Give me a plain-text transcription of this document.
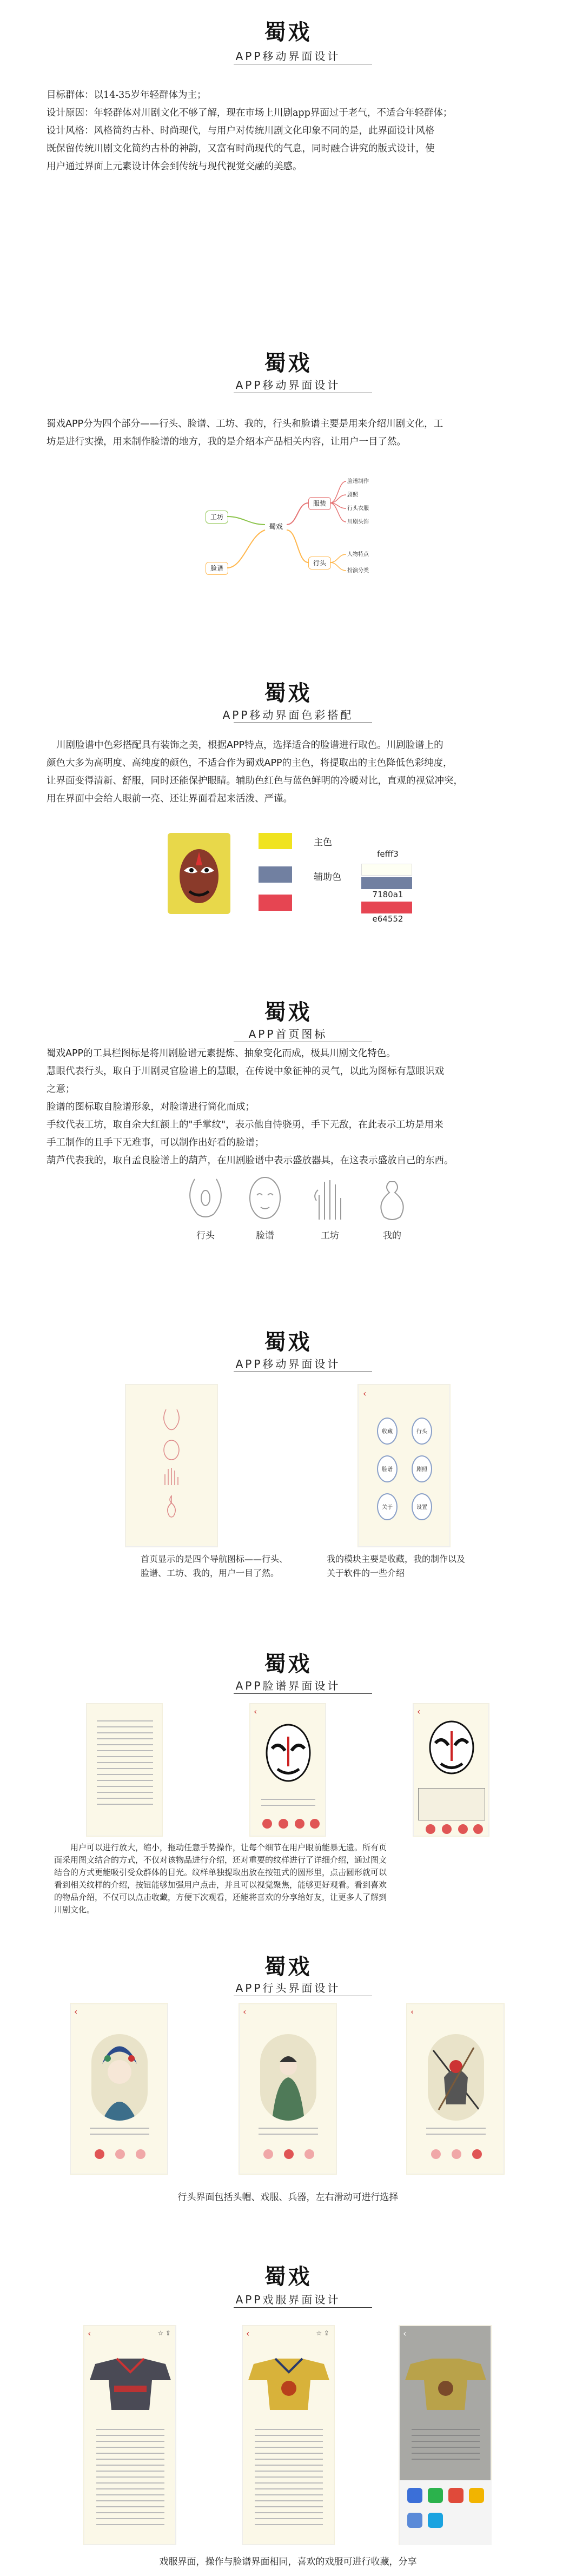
蜀戏
APP移动界面设计
目标群体：以14-35岁年轻群体为主；
设计原因：年轻群体对川剧文化不够了解，现在市场上川剧app界面过于老气，不适合年轻群体；
设计风格：风格简约古朴、时尚现代，与用户对传统川剧文化印象不同的是，此界面设计风格
既保留传统川剧文化简约古朴的神韵，又富有时尚现代的气息，同时融合讲究的版式设计，使
用户通过界面上元素设计体会到传统与现代视觉交融的美感。
蜀戏
APP移动界面设计
蜀戏APP分为四个部分——行头、脸谱、工坊、我的，行头和脸谱主要是用来介绍川剧文化，工
坊是进行实操，用来制作脸谱的地方，我的是介绍本产品相关内容，让用户一目了然。
工坊
脸谱
蜀戏
服装
行头
脸谱制作
剧照
行头衣服
川剧头饰
人物特点
扮演分类
蜀戏
APP移动界面色彩搭配
川剧脸谱中色彩搭配具有装饰之美，根据APP特点，选择适合的脸谱进行取色。川剧脸谱上的
颜色大多为高明度、高纯度的颜色，不适合作为蜀戏APP的主色，将提取出的主色降低色彩纯度，
让界面变得清新、舒服，同时还能保护眼睛。辅助色红色与蓝色鲜明的冷暖对比，直观的视觉冲突，
用在界面中会给人眼前一亮、还让界面看起来活泼、严谨。
主色
辅助色
fefff3
7180a1
e64552
蜀戏
APP首页图标
蜀戏APP的工具栏图标是将川剧脸谱元素提炼、抽象变化而成，极具川剧文化特色。
慧眼代表行头，取自于川剧灵官脸谱上的慧眼，在传说中象征神的灵气，以此为图标有慧眼识戏
之意；
脸谱的图标取自脸谱形象，对脸谱进行简化而成；
手纹代表工坊，取自余大红额上的"手掌纹"，表示他自恃骁勇，手下无敌，在此表示工坊是用来
手工制作的且手下无难事，可以制作出好看的脸谱；
葫芦代表我的，取自孟良脸谱上的葫芦，在川剧脸谱中表示盛放器具，在这表示盛放自己的东西。
行头	脸谱	工坊	我的
蜀戏
APP移动界面设计
‹
收藏	行头
脸谱	剧照
关于	设置
首页显示的是四个导航图标——行头、
脸谱、工坊、我的，用户一目了然。
我的模块主要是收藏，我的制作以及
关于软件的一些介绍
蜀戏
APP脸谱界面设计
‹	‹
用户可以进行放大，缩小，拖动任意手势操作，让每个细节在用户眼前能暴无遗。所有页
面采用图文结合的方式，不仅对该物品进行介绍，还对重要的纹样进行了详细介绍，通过图文
结合的方式更能吸引受众群体的目光。纹样单独提取出放在按钮式的圆形里，点击圆形就可以
看到相关纹样的介绍，按钮能够加强用户点击，并且可以视觉聚焦，能够更好观看。看到喜欢
的物品介绍，不仅可以点击收藏，方便下次观看，还能将喜欢的分享给好友，让更多人了解到
川剧文化。
蜀戏
APP行头界面设计
‹	‹	‹
行头界面包括头帽、戏服、兵器，左右滑动可进行选择
蜀戏
APP戏服界面设计
‹	☆ ⇪	‹	☆ ⇪	‹
戏服界面，操作与脸谱界面相同，喜欢的戏服可进行收藏，分享
